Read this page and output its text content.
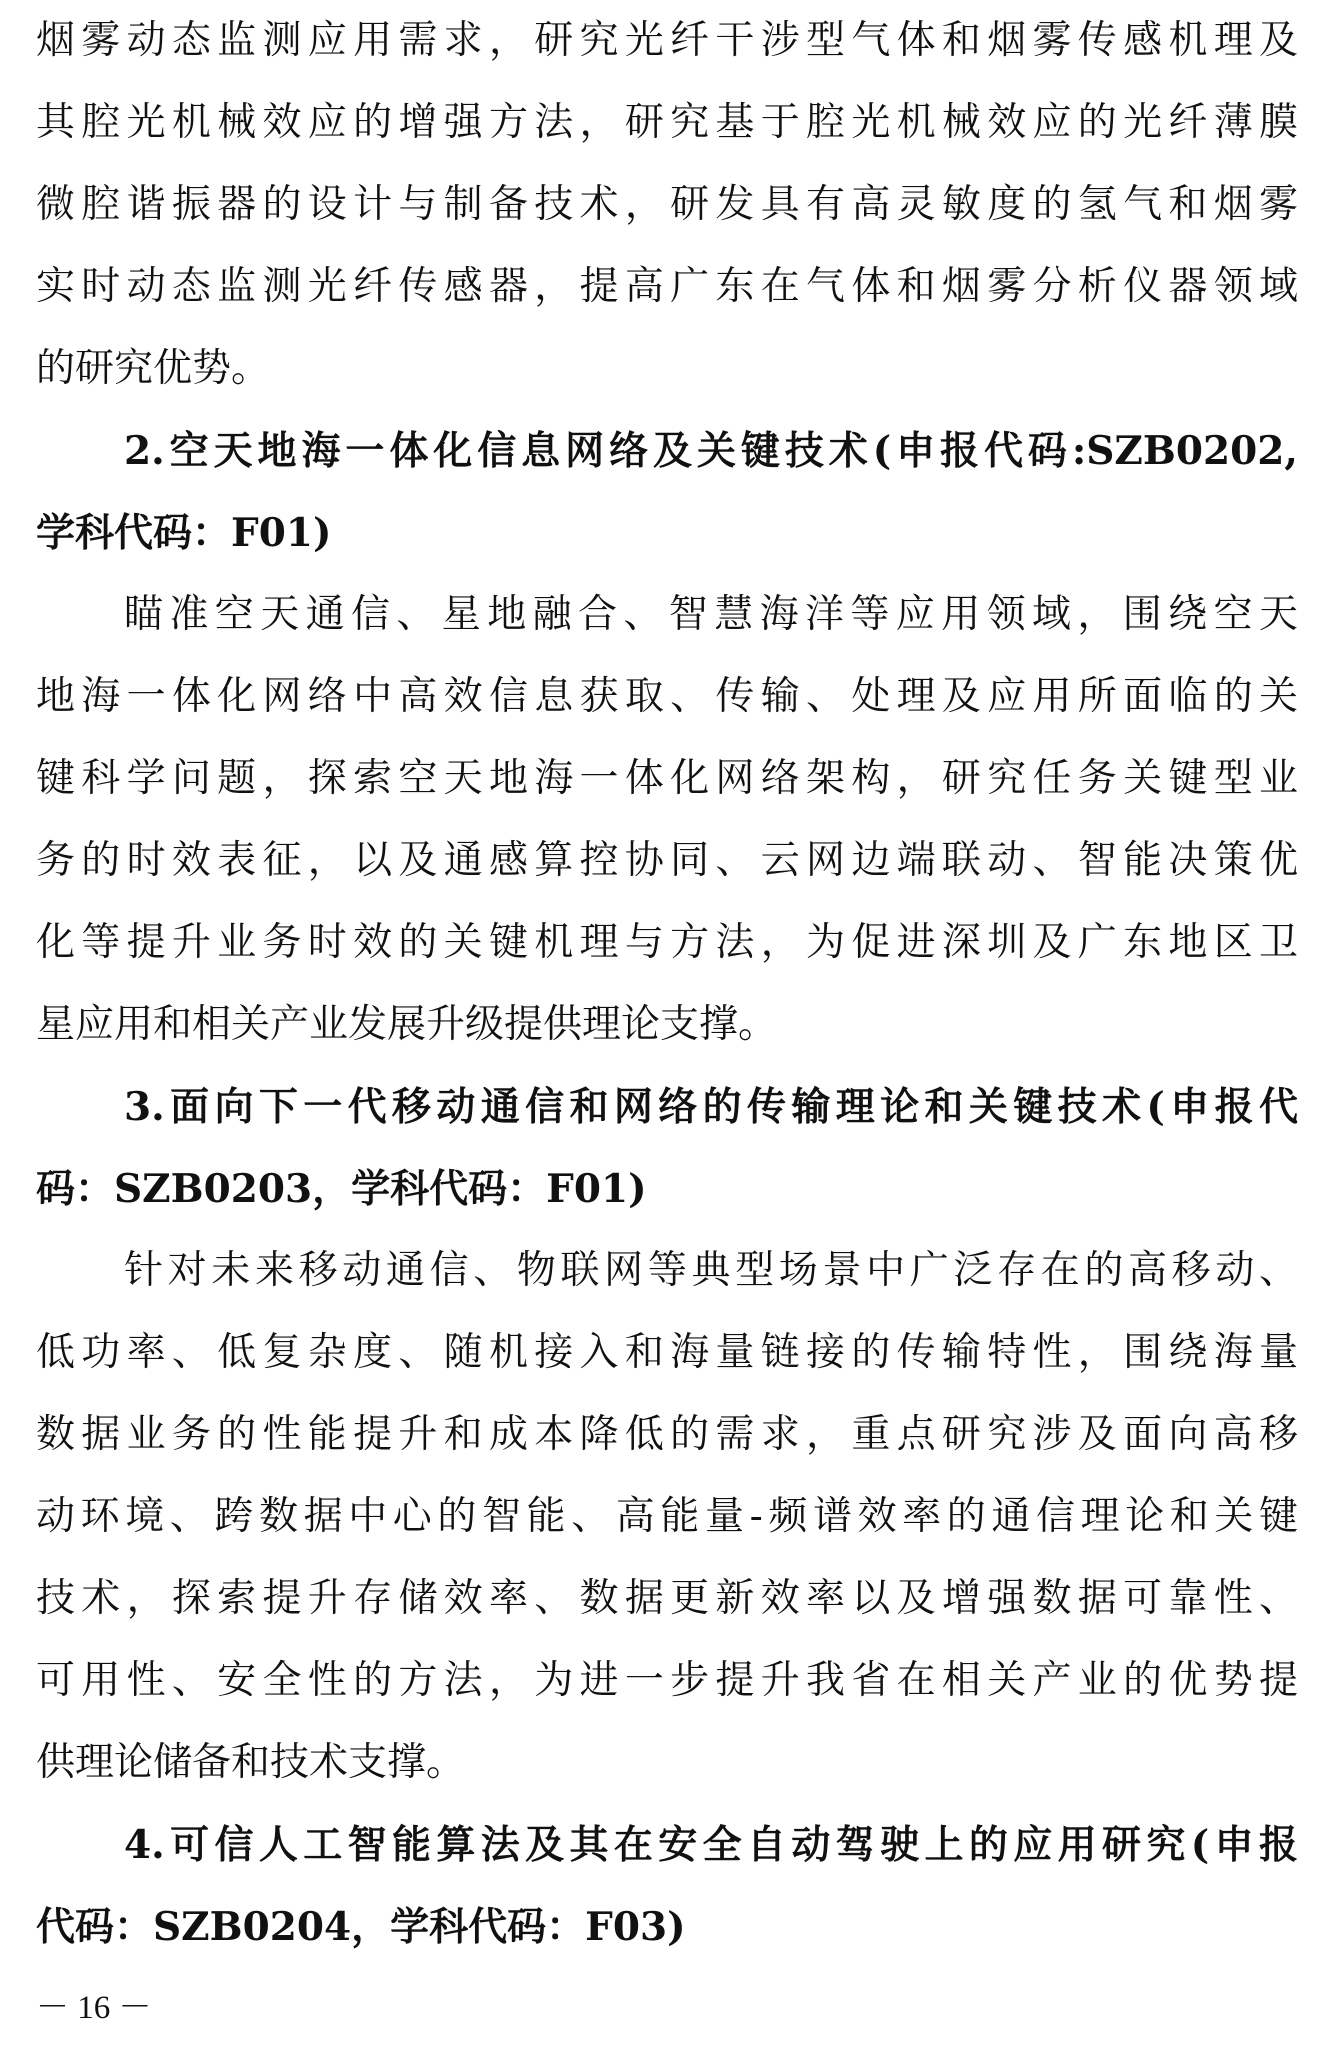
烟雾动态监测应用需求，研究光纤干涉型气体和烟雾传感机理及
其腔光机械效应的增强方法，研究基于腔光机械效应的光纤薄膜
微腔谐振器的设计与制备技术，研发具有高灵敏度的氢气和烟雾
实时动态监测光纤传感器，提高广东在气体和烟雾分析仪器领域
的研究优势。
2.空天地海一体化信息网络及关键技术(申报代码:SZB0202,
学科代码：F01)
瞄准空天通信、星地融合、智慧海洋等应用领域，围绕空天
地海一体化网络中高效信息获取、传输、处理及应用所面临的关
键科学问题，探索空天地海一体化网络架构，研究任务关键型业
务的时效表征，以及通感算控协同、云网边端联动、智能决策优
化等提升业务时效的关键机理与方法，为促进深圳及广东地区卫
星应用和相关产业发展升级提供理论支撑。
3.面向下一代移动通信和网络的传输理论和关键技术(申报代
码：SZB0203，学科代码：F01)
针对未来移动通信、物联网等典型场景中广泛存在的高移动、
低功率、低复杂度、随机接入和海量链接的传输特性，围绕海量
数据业务的性能提升和成本降低的需求，重点研究涉及面向高移
动环境、跨数据中心的智能、高能量-频谱效率的通信理论和关键
技术，探索提升存储效率、数据更新效率以及增强数据可靠性、
可用性、安全性的方法，为进一步提升我省在相关产业的优势提
供理论储备和技术支撑。
4.可信人工智能算法及其在安全自动驾驶上的应用研究(申报
代码：SZB0204，学科代码：F03)
－ 16 －
